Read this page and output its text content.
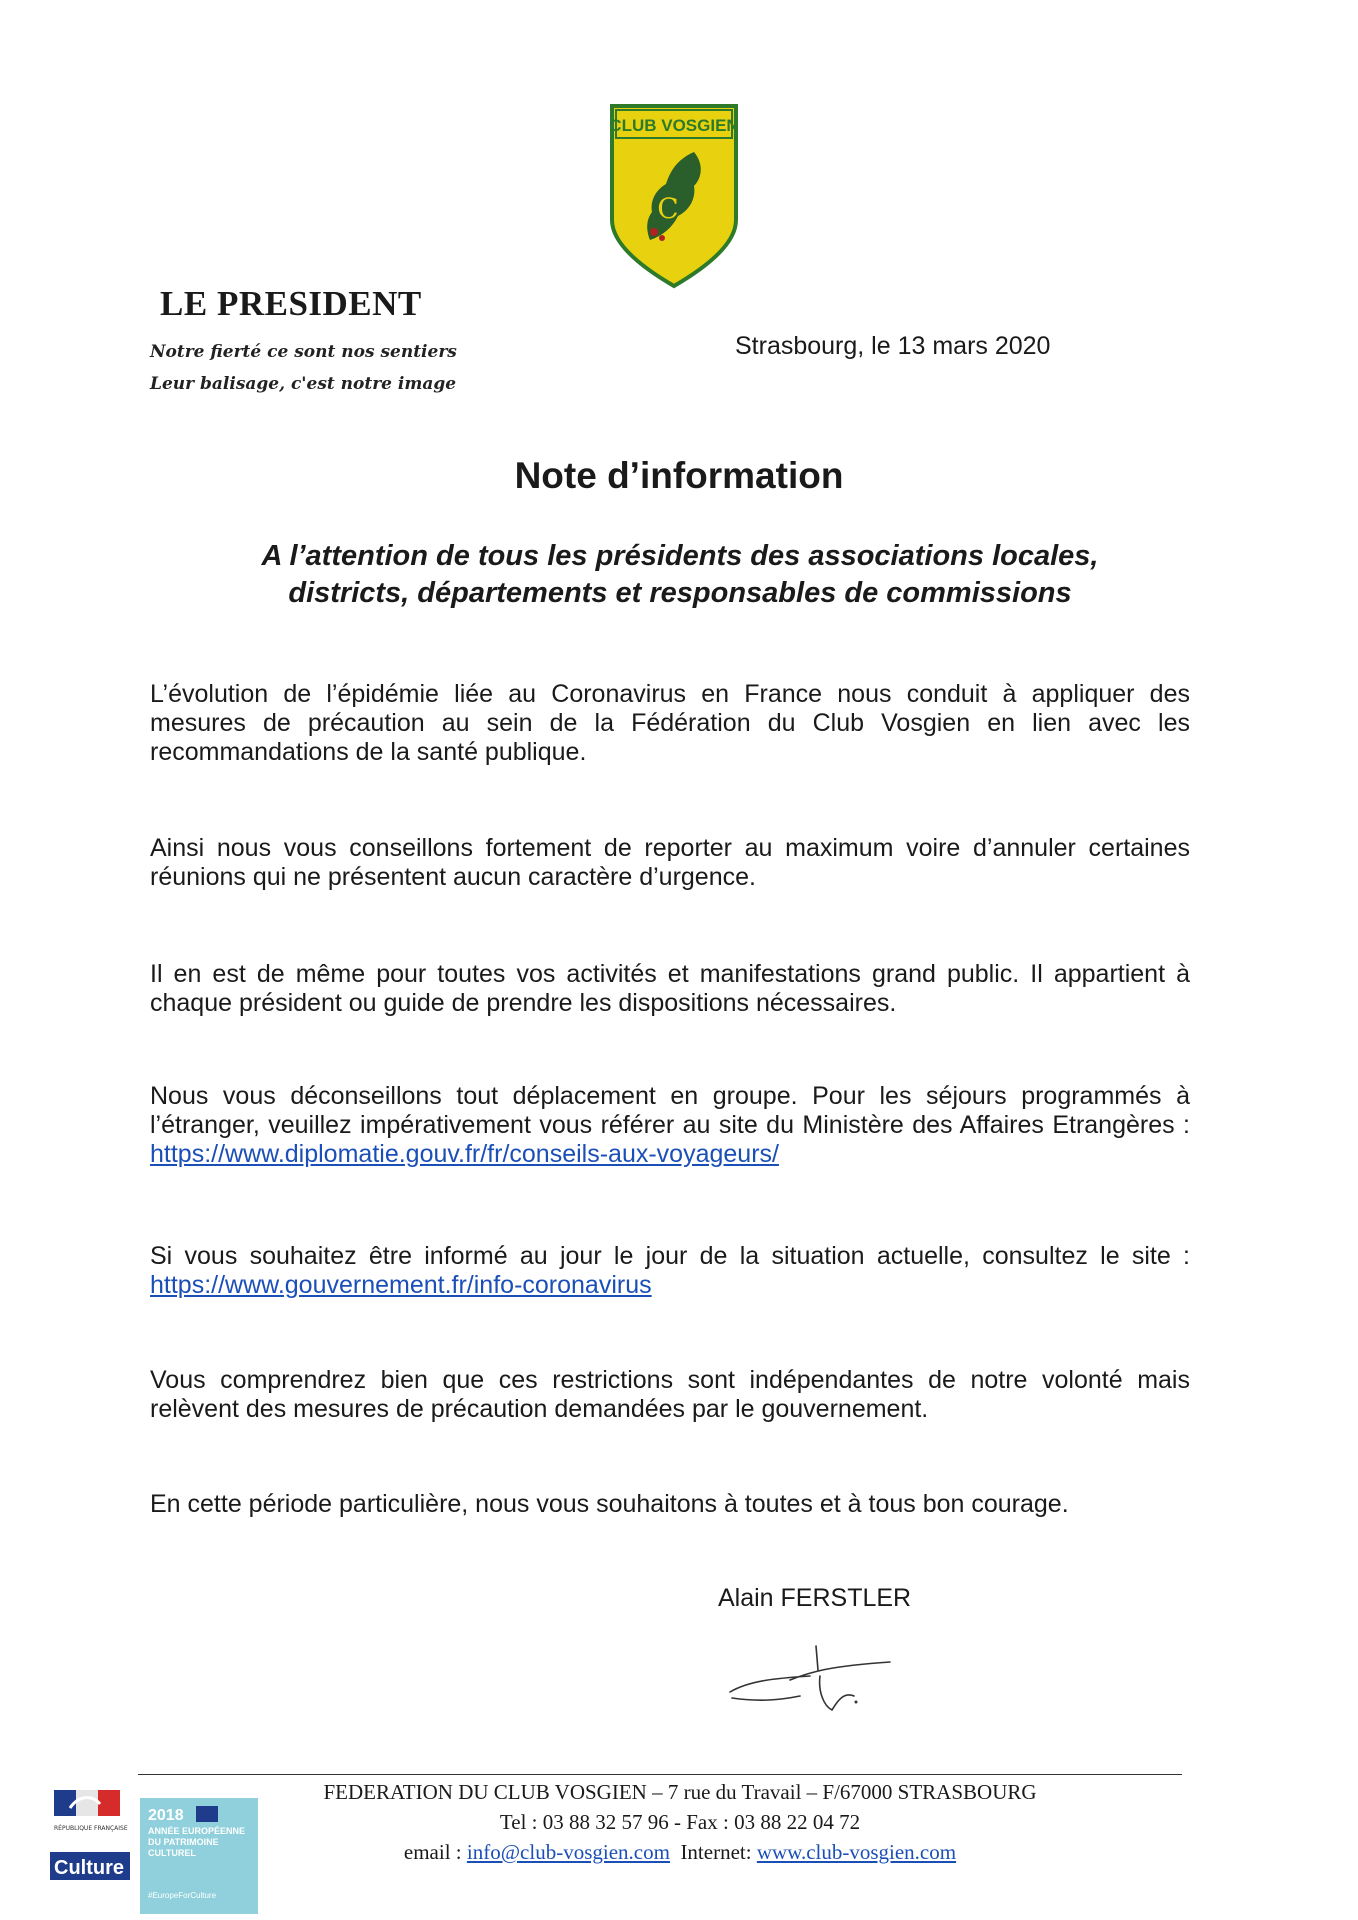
CLUB VOSGIEN
C
LE PRESIDENT
Notre fierté ce sont nos sentiers
Leur balisage, c'est notre image
Strasbourg, le 13 mars 2020
Note d’information
A l’attention de tous les présidents des associations locales,
districts, départements et responsables de commissions
L’évolution de l’épidémie liée au Coronavirus en France nous conduit à appliquer des mesures de précaution au sein de la Fédération du Club Vosgien en lien avec les recommandations de la santé publique.
Ainsi nous vous conseillons fortement de reporter au maximum voire d’annuler certaines réunions qui ne présentent aucun caractère d’urgence.
Il en est de même pour toutes vos activités et manifestations grand public. Il appartient à chaque président ou guide de prendre les dispositions nécessaires.
Nous vous déconseillons tout déplacement en groupe. Pour les séjours programmés à l’étranger, veuillez impérativement vous référer au site du Ministère des Affaires Etrangères : https://www.diplomatie.gouv.fr/fr/conseils-aux-voyageurs/
Si vous souhaitez être informé au jour le jour de la situation actuelle, consultez le site : https://www.gouvernement.fr/info-coronavirus
Vous comprendrez bien que ces restrictions sont indépendantes de notre volonté mais relèvent des mesures de précaution demandées par le gouvernement.
En cette période particulière, nous vous souhaitons à toutes et à tous bon courage.
Alain FERSTLER
RÉPUBLIQUE FRANÇAISE
Culture
2018
ANNÉE EUROPÉENNE DU PATRIMOINE CULTUREL
#EuropeForCulture
FEDERATION DU CLUB VOSGIEN – 7 rue du Travail – F/67000 STRASBOURG
Tel : 03 88 32 57 96 - Fax : 03 88 22 04 72
email : info@club-vosgien.com Internet: www.club-vosgien.com
